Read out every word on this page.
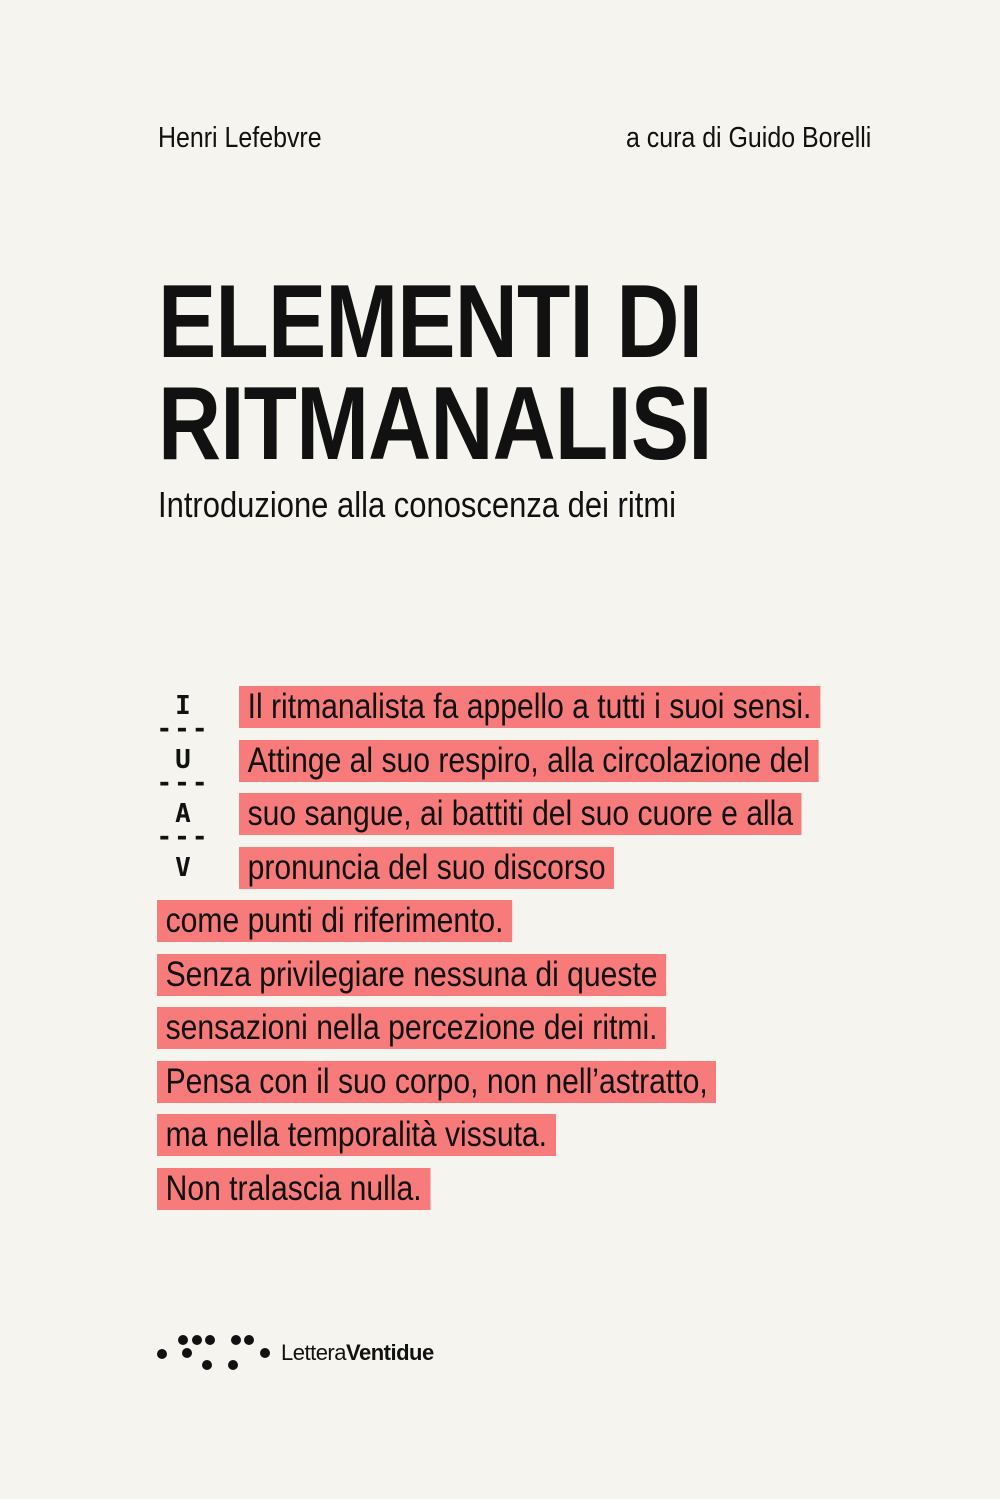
Henri Lefebvre	a cura di Guido Borelli
ELEMENTI DI
RITMANALISI
Introduzione alla conoscenza dei ritmi
I
---
U
---
A
---
V
Il ritmanalista fa appello a tutti i suoi sensi.
Attinge al suo respiro, alla circolazione del
suo sangue, ai battiti del suo cuore e alla
pronuncia del suo discorso
come punti di riferimento.
Senza privilegiare nessuna di queste
sensazioni nella percezione dei ritmi.
Pensa con il suo corpo, non nell’astratto,
ma nella temporalità vissuta.
Non tralascia nulla.
LetteraVentidue
